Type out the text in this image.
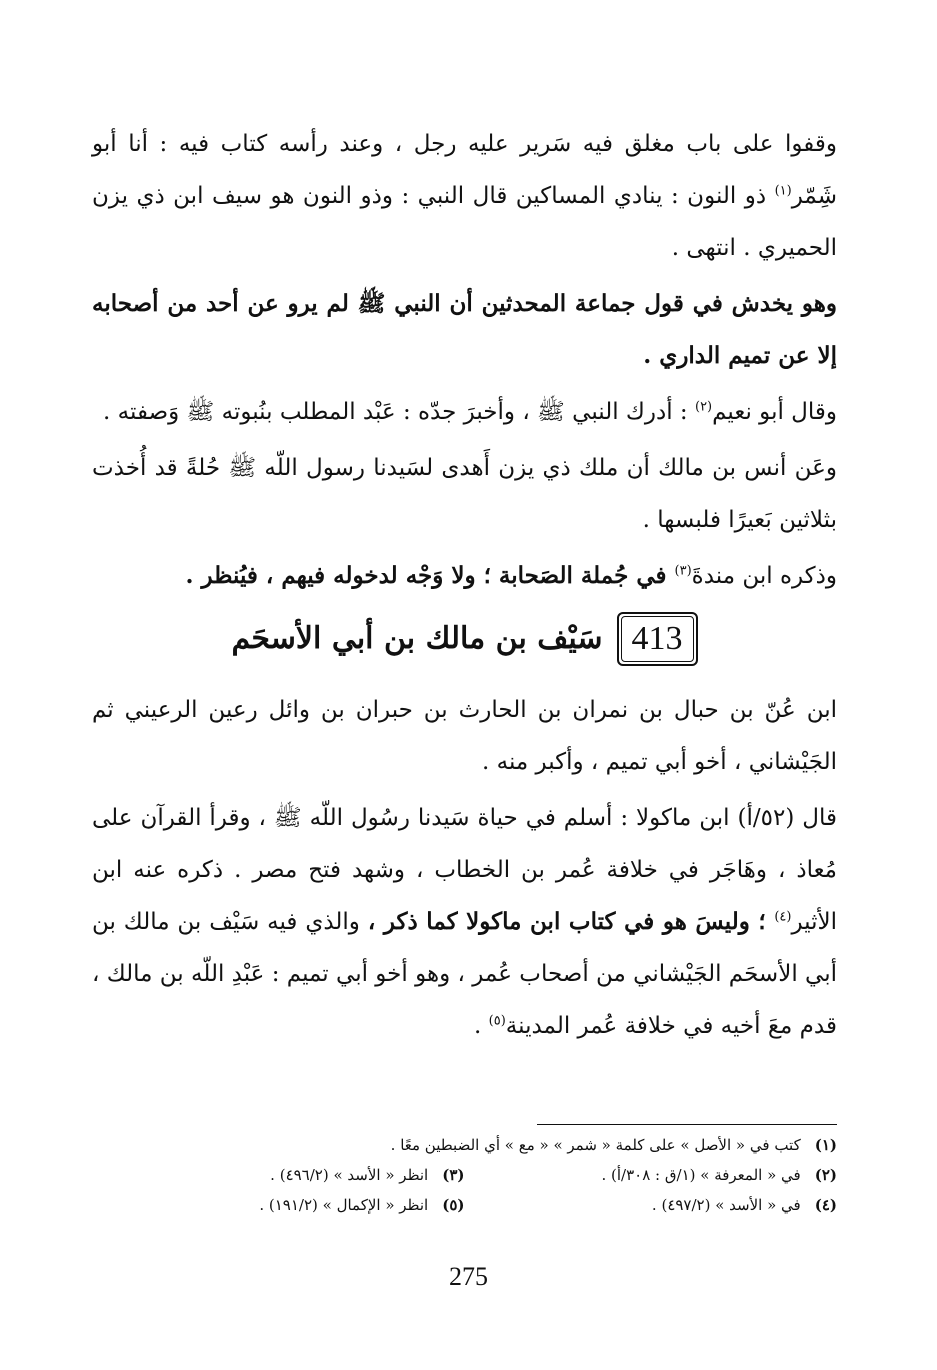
وقفوا على باب مغلق فيه سَرير عليه رجل ، وعند رأسه كتاب فيه : أنا أبو شَِمّر$^{(١)}$ ذو النون : ينادي المساكين قال النبي : وذو النون هو سيف ابن ذي يزن الحميري . انتهى .

وهو يخدش في قول جماعة المحدثين أن النبي ﷺ لم يرو عن أحد من أصحابه إلا عن تميم الداري .

وقال أبو نعيم$^{(٢)}$ : أدرك النبي ﷺ ، وأخبرَ جدّه : عَبْد المطلب بنُبوته ﷺ وَصفته .

وعَن أنس بن مالك أن ملك ذي يزن أَهدى لسَيدنا رسول اللّه ﷺ حُلةً قد أُخذت بثلاثين بَعيرًا فلبسها .

وذكره ابن مندةَ$^{(٣)}$ في جُملة الصَحابة ؛ ولا وَجْه لدخوله فيهم ، فيُنظر .

413
سَيْف بن مالك بن أبي الأسحَم

ابن عُنّ بن حبال بن نمران بن الحارث بن حبران بن وائل رعين الرعيني ثم الجَيْشاني ، أخو أبي تميم ، وأكبر منه .

قال (٥٢/أ) ابن ماكولا : أسلم في حياة سَيدنا رسُول اللّه ﷺ ، وقرأ القرآن على مُعاذ ، وهَاجَر في خلافة عُمر بن الخطاب ، وشهد فتح مصر . ذكره عنه ابن الأثير$^{(٤)}$ ؛ وليسَ هو في كتاب ابن ماكولا كما ذكر ، والذي فيه سَيْف بن مالك بن أبي الأسحَم الجَيْشاني من أصحاب عُمر ، وهو أخو أبي تميم : عَبْدِ اللّه بن مالك ، قدم معَ أخيه في خلافة عُمر المدينة$^{(٥)}$ .

(١)كتب في « الأصل » على كلمة « شمر » « مع » أي الضبطين معًا .
(٢)في « المعرفة » (١/ق : ٣٠٨/أ) .
(٣)انظر « الأسد » (٤٩٦/٢) .
(٤)في « الأسد » (٤٩٧/٢) .
(٥)انظر « الإكمال » (١٩١/٢) .
275
